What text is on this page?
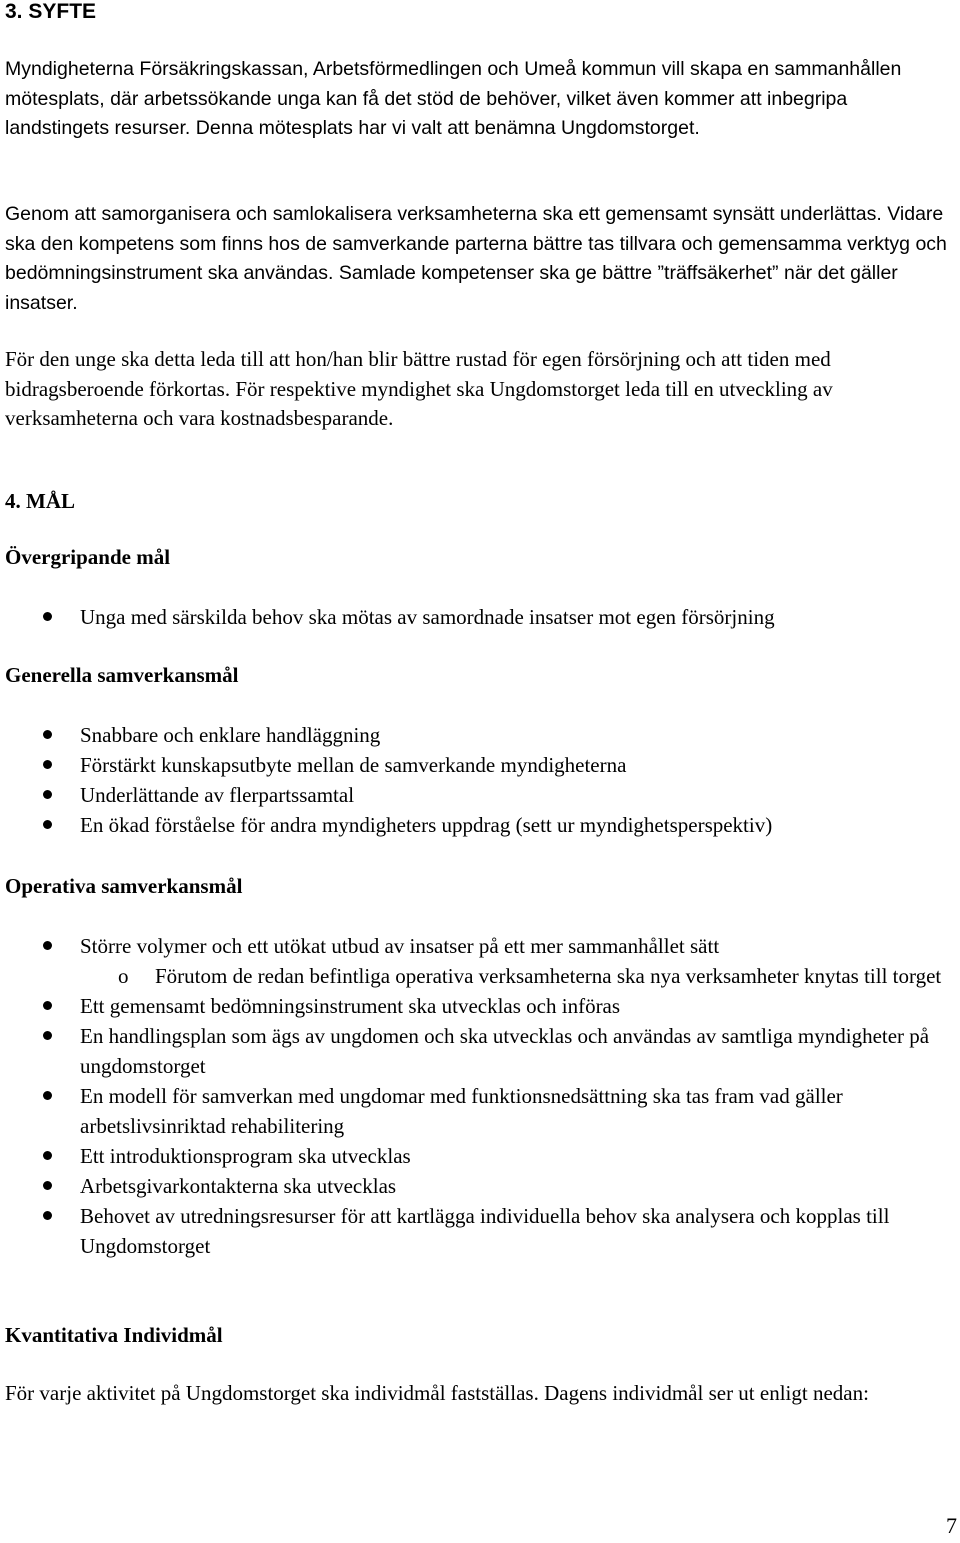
3. SYFTE

Myndigheterna Försäkringskassan, Arbetsförmedlingen och Umeå kommun vill skapa en sammanhållen mötesplats, där arbetssökande unga kan få det stöd de behöver, vilket även kommer att inbegripa landstingets resurser. Denna mötesplats har vi valt att benämna Ungdomstorget.

Genom att samorganisera och samlokalisera verksamheterna ska ett gemensamt synsätt underlättas. Vidare ska den kompetens som finns hos de samverkande parterna bättre tas tillvara och gemensamma verktyg och bedömningsinstrument ska användas. Samlade kompetenser ska ge bättre ”träffsäkerhet” när det gäller insatser.

För den unge ska detta leda till att hon/han blir bättre rustad för egen försörjning och att tiden med bidragsberoende förkortas. För respektive myndighet ska Ungdomstorget leda till en utveckling av verksamheterna och vara kostnadsbesparande.

4. MÅL
Övergripande mål
Unga med särskilda behov ska mötas av samordnade insatser mot egen försörjning
Generella samverkansmål
Snabbare och enklare handläggning
Förstärkt kunskapsutbyte mellan de samverkande myndigheterna
Underlättande av flerpartssamtal
En ökad förståelse för andra myndigheters uppdrag (sett ur myndighetsperspektiv)
Operativa samverkansmål
Större volymer och ett utökat utbud av insatser på ett mer sammanhållet sätt
o Förutom de redan befintliga operativa verksamheterna ska nya verksamheter knytas till torget
Ett gemensamt bedömningsinstrument ska utvecklas och införas
En handlingsplan som ägs av ungdomen och ska utvecklas och användas av samtliga myndigheter på ungdomstorget
En modell för samverkan med ungdomar med funktionsnedsättning ska tas fram vad gäller arbetslivsinriktad rehabilitering
Ett introduktionsprogram ska utvecklas
Arbetsgivarkontakterna ska utvecklas
Behovet av utredningsresurser för att kartlägga individuella behov ska analysera och kopplas till Ungdomstorget
Kvantitativa Individmål

För varje aktivitet på Ungdomstorget ska individmål fastställas. Dagens individmål ser ut enligt nedan:

7
